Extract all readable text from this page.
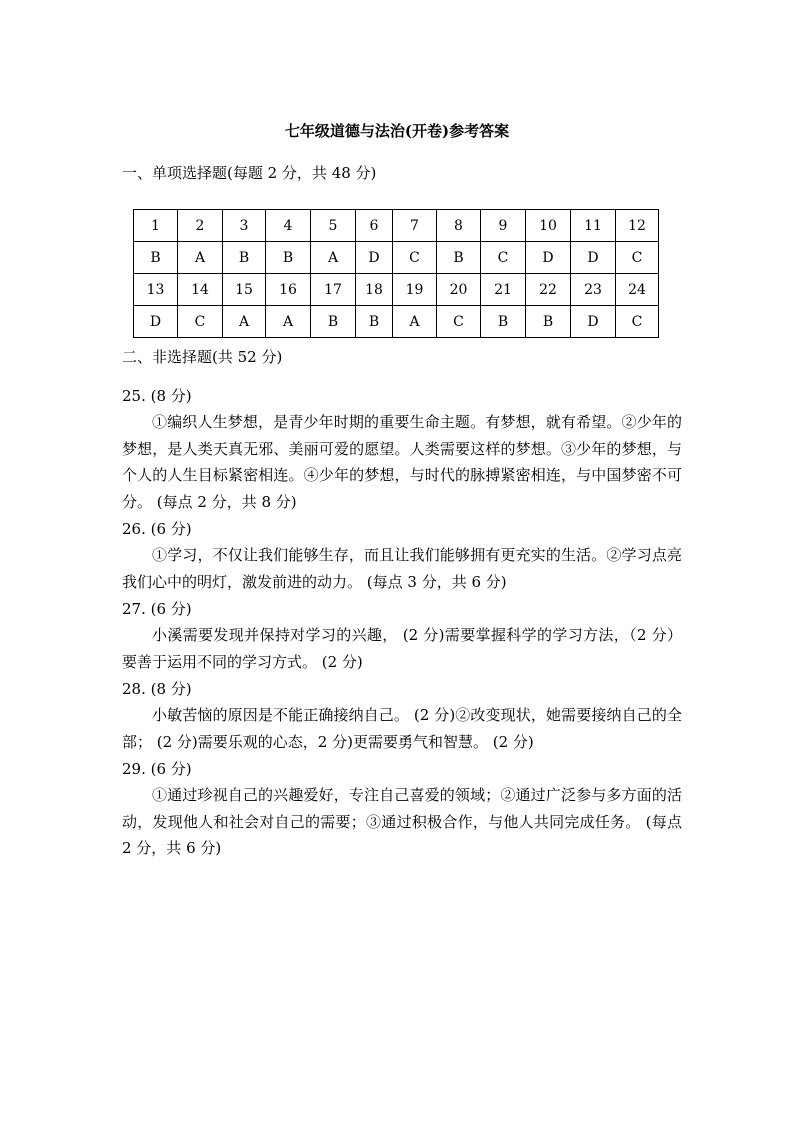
七年级道德与法治(开卷)参考答案
一、单项选择题(每题 2 分，共 48 分)
1	2	3	4	5	6	7	8	9	10	11	12
B	A	B	B	A	D	C	B	C	D	D	C
13	14	15	16	17	18	19	20	21	22	23	24
D	C	A	A	B	B	A	C	B	B	D	C
二、非选择题(共 52 分)
25. (8 分)
①编织人生梦想，是青少年时期的重要生命主题。有梦想，就有希望。②少年的梦想，是人类天真无邪、美丽可爱的愿望。人类需要这样的梦想。③少年的梦想，与个人的人生目标紧密相连。④少年的梦想，与时代的脉搏紧密相连，与中国梦密不可分。 (每点 2 分，共 8 分)
26. (6 分)
①学习，不仅让我们能够生存，而且让我们能够拥有更充实的生活。②学习点亮我们心中的明灯，激发前进的动力。 (每点 3 分，共 6 分)
27. (6 分)
小溪需要发现并保持对学习的兴趣， (2 分)需要掌握科学的学习方法，（2 分）要善于运用不同的学习方式。 (2 分)
28. (8 分)
小敏苦恼的原因是不能正确接纳自己。 (2 分)②改变现状，她需要接纳自己的全部； (2 分)需要乐观的心态，2 分)更需要勇气和智慧。 (2 分)
29. (6 分)
①通过珍视自己的兴趣爱好，专注自己喜爱的领域；②通过广泛参与多方面的活动，发现他人和社会对自己的需要；③通过积极合作，与他人共同完成任务。 (每点 2 分，共 6 分)
